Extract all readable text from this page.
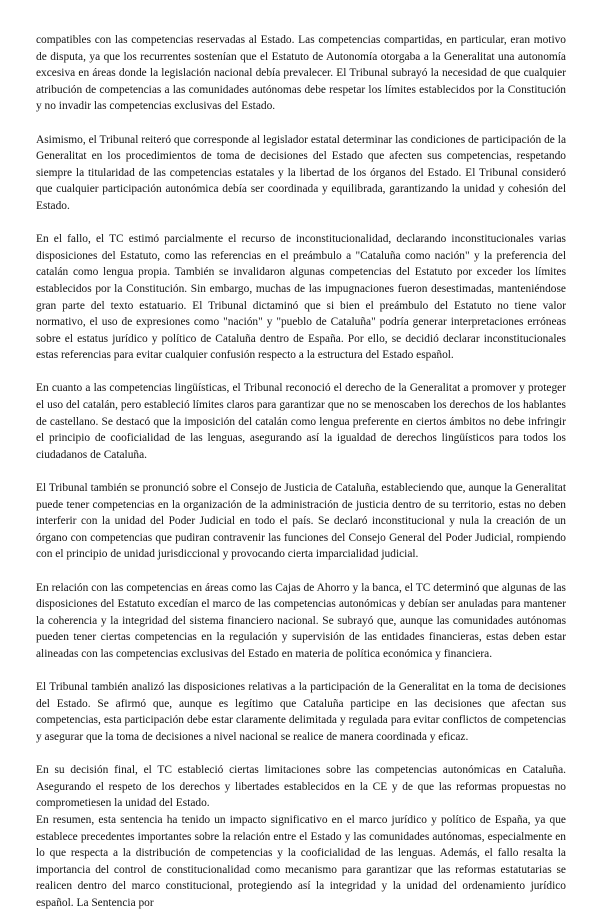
compatibles con las competencias reservadas al Estado. Las competencias compartidas, en particular, eran motivo de disputa, ya que los recurrentes sostenían que el Estatuto de Autonomía otorgaba a la Generalitat una autonomía excesiva en áreas donde la legislación nacional debía prevalecer. El Tribunal subrayó la necesidad de que cualquier atribución de competencias a las comunidades autónomas debe respetar los límites establecidos por la Constitución y no invadir las competencias exclusivas del Estado.

Asimismo, el Tribunal reiteró que corresponde al legislador estatal determinar las condiciones de participación de la Generalitat en los procedimientos de toma de decisiones del Estado que afecten sus competencias, respetando siempre la titularidad de las competencias estatales y la libertad de los órganos del Estado. El Tribunal consideró que cualquier participación autonómica debía ser coordinada y equilibrada, garantizando la unidad y cohesión del Estado.

En el fallo, el TC estimó parcialmente el recurso de inconstitucionalidad, declarando inconstitucionales varias disposiciones del Estatuto, como las referencias en el preámbulo a "Cataluña como nación" y la preferencia del catalán como lengua propia. También se invalidaron algunas competencias del Estatuto por exceder los límites establecidos por la Constitución. Sin embargo, muchas de las impugnaciones fueron desestimadas, manteniéndose gran parte del texto estatuario. El Tribunal dictaminó que si bien el preámbulo del Estatuto no tiene valor normativo, el uso de expresiones como "nación" y "pueblo de Cataluña" podría generar interpretaciones erróneas sobre el estatus jurídico y político de Cataluña dentro de España. Por ello, se decidió declarar inconstitucionales estas referencias para evitar cualquier confusión respecto a la estructura del Estado español.

En cuanto a las competencias lingüísticas, el Tribunal reconoció el derecho de la Generalitat a promover y proteger el uso del catalán, pero estableció límites claros para garantizar que no se menoscaben los derechos de los hablantes de castellano. Se destacó que la imposición del catalán como lengua preferente en ciertos ámbitos no debe infringir el principio de cooficialidad de las lenguas, asegurando así la igualdad de derechos lingüísticos para todos los ciudadanos de Cataluña.

El Tribunal también se pronunció sobre el Consejo de Justicia de Cataluña, estableciendo que, aunque la Generalitat puede tener competencias en la organización de la administración de justicia dentro de su territorio, estas no deben interferir con la unidad del Poder Judicial en todo el país. Se declaró inconstitucional y nula la creación de un órgano con competencias que pudiran contravenir las funciones del Consejo General del Poder Judicial, rompiendo con el principio de unidad jurisdiccional y provocando cierta imparcialidad judicial.

En relación con las competencias en áreas como las Cajas de Ahorro y la banca, el TC determinó que algunas de las disposiciones del Estatuto excedían el marco de las competencias autonómicas y debían ser anuladas para mantener la coherencia y la integridad del sistema financiero nacional. Se subrayó que, aunque las comunidades autónomas pueden tener ciertas competencias en la regulación y supervisión de las entidades financieras, estas deben estar alineadas con las competencias exclusivas del Estado en materia de política económica y financiera.

El Tribunal también analizó las disposiciones relativas a la participación de la Generalitat en la toma de decisiones del Estado. Se afirmó que, aunque es legítimo que Cataluña participe en las decisiones que afectan sus competencias, esta participación debe estar claramente delimitada y regulada para evitar conflictos de competencias y asegurar que la toma de decisiones a nivel nacional se realice de manera coordinada y eficaz.

En su decisión final, el TC estableció ciertas limitaciones sobre las competencias autonómicas en Cataluña. Asegurando el respeto de los derechos y libertades establecidos en la CE y de que las reformas propuestas no comprometiesen la unidad del Estado.

En resumen, esta sentencia ha tenido un impacto significativo en el marco jurídico y político de España, ya que establece precedentes importantes sobre la relación entre el Estado y las comunidades autónomas, especialmente en lo que respecta a la distribución de competencias y la cooficialidad de las lenguas. Además, el fallo resalta la importancia del control de constitucionalidad como mecanismo para garantizar que las reformas estatutarias se realicen dentro del marco constitucional, protegiendo así la integridad y la unidad del ordenamiento jurídico español. La Sentencia por
